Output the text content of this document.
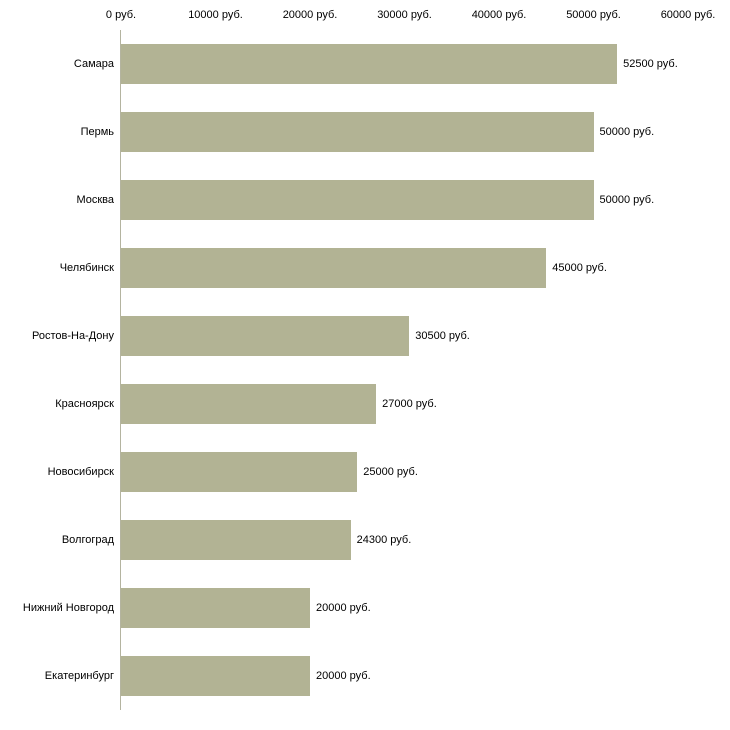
0 руб.	10000 руб.	20000 руб.	30000 руб.	40000 руб.	50000 руб.	60000 руб.
Самара	52500 руб.
Пермь	50000 руб.
Москва	50000 руб.
Челябинск	45000 руб.
Ростов-На-Дону	30500 руб.
Красноярск	27000 руб.
Новосибирск	25000 руб.
Волгоград	24300 руб.
Нижний Новгород	20000 руб.
Екатеринбург	20000 руб.
